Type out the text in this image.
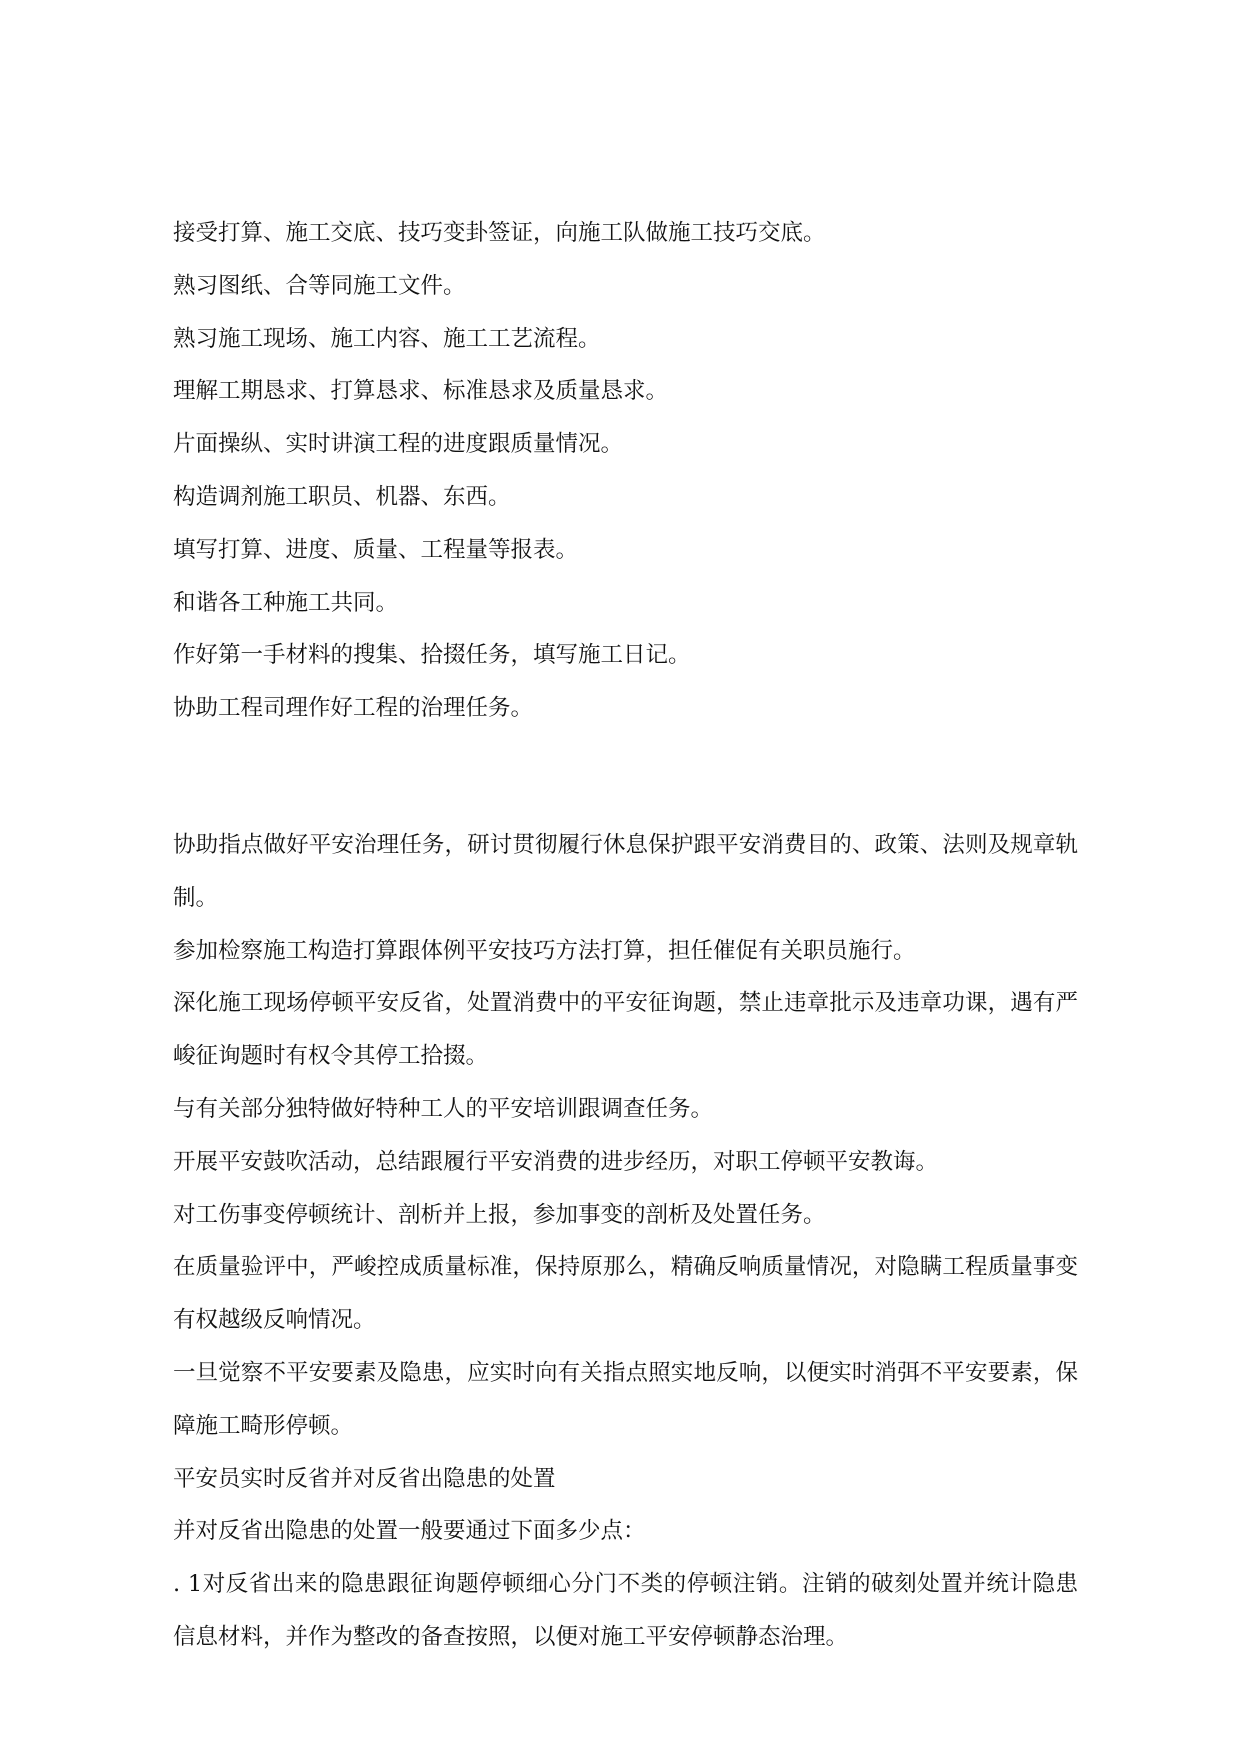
接受打算、施工交底、技巧变卦签证，向施工队做施工技巧交底。

熟习图纸、合等同施工文件。

熟习施工现场、施工内容、施工工艺流程。

理解工期恳求、打算恳求、标准恳求及质量恳求。

片面操纵、实时讲演工程的进度跟质量情况。

构造调剂施工职员、机器、东西。

填写打算、进度、质量、工程量等报表。

和谐各工种施工共同。

作好第一手材料的搜集、拾掇任务，填写施工日记。

协助工程司理作好工程的治理任务。

协助指点做好平安治理任务，研讨贯彻履行休息保护跟平安消费目的、政策、法则及规章轨制。

参加检察施工构造打算跟体例平安技巧方法打算，担任催促有关职员施行。

深化施工现场停顿平安反省，处置消费中的平安征询题，禁止违章批示及违章功课，遇有严峻征询题时有权令其停工拾掇。

与有关部分独特做好特种工人的平安培训跟调查任务。

开展平安鼓吹活动，总结跟履行平安消费的进步经历，对职工停顿平安教诲。

对工伤事变停顿统计、剖析并上报，参加事变的剖析及处置任务。

在质量验评中，严峻控成质量标准，保持原那么，精确反响质量情况，对隐瞒工程质量事变有权越级反响情况。

一旦觉察不平安要素及隐患，应实时向有关指点照实地反响，以便实时消弭不平安要素，保障施工畸形停顿。

平安员实时反省并对反省出隐患的处置

并对反省出隐患的处置一般要通过下面多少点：

. 1对反省出来的隐患跟征询题停顿细心分门不类的停顿注销。注销的破刻处置并统计隐患信息材料，并作为整改的备查按照，以便对施工平安停顿静态治理。
